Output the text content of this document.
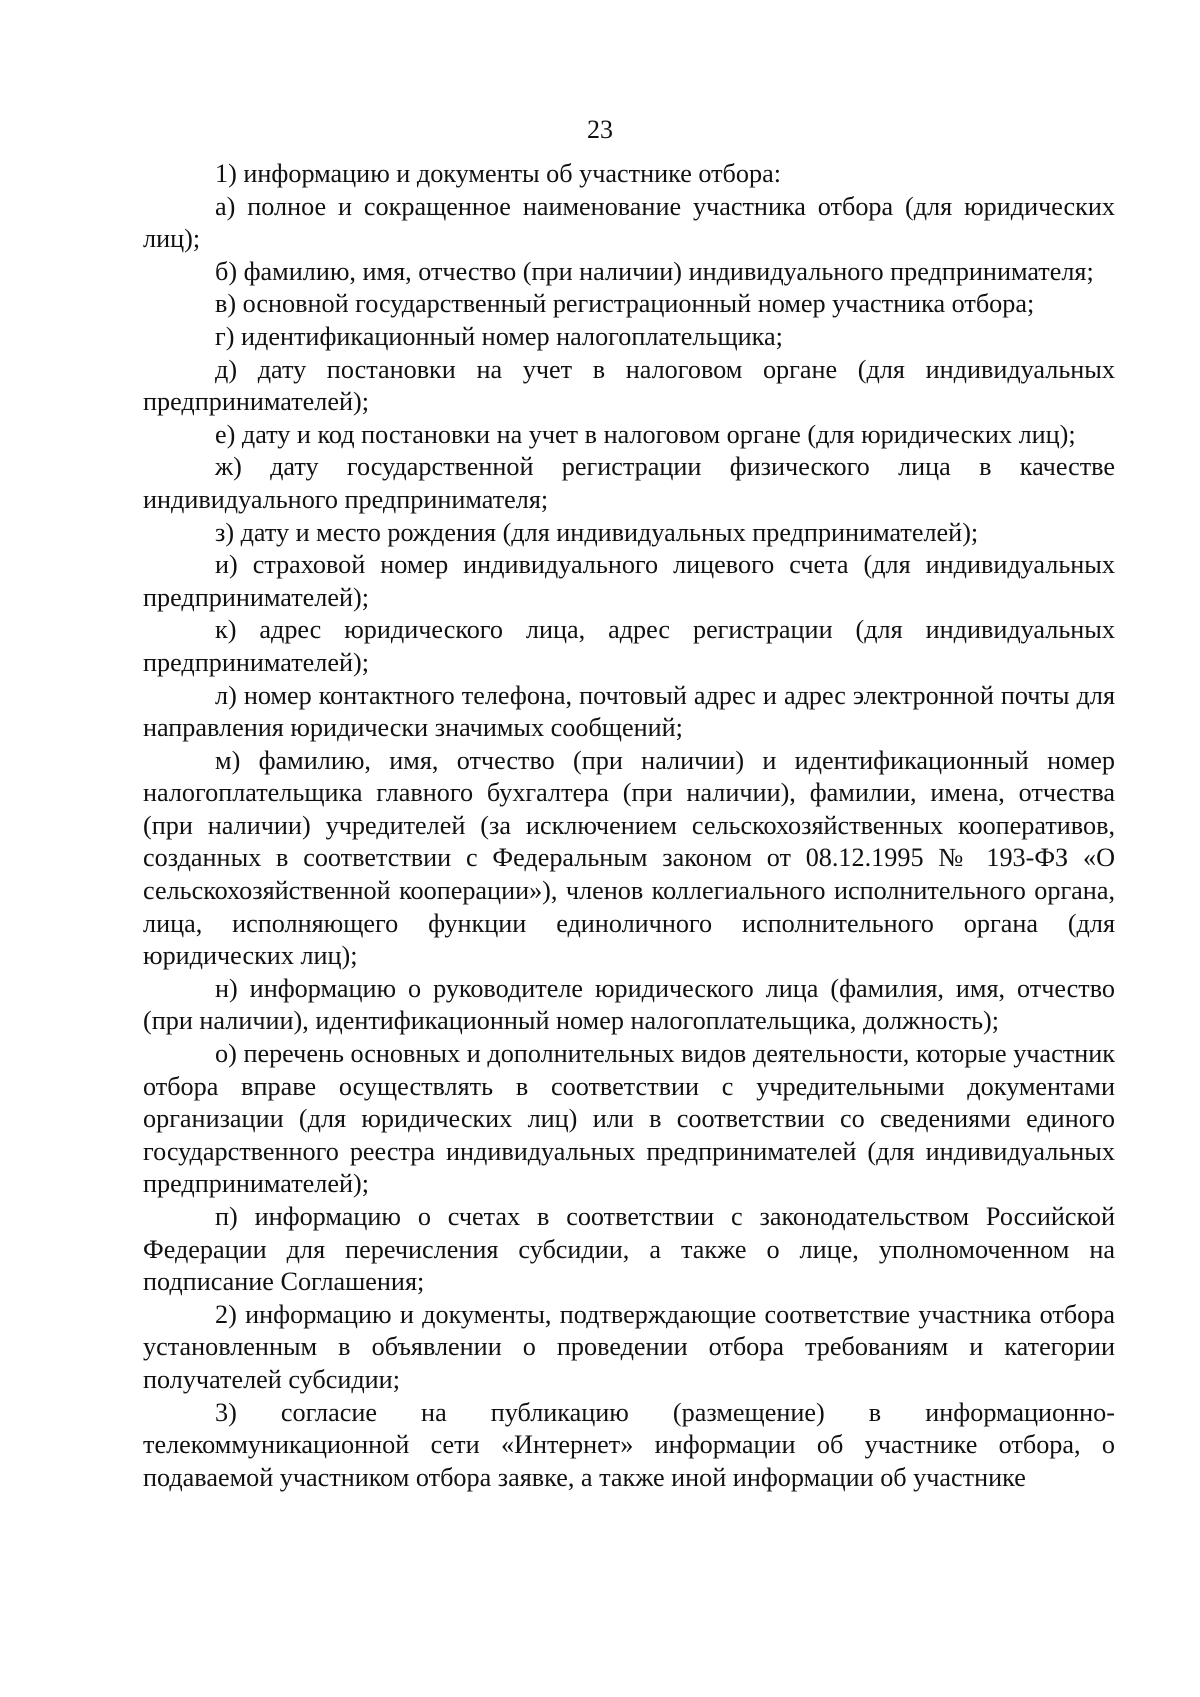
23

1) информацию и документы об участнике отбора:

а) полное и сокращенное наименование участника отбора (для юридических лиц);

б) фамилию, имя, отчество (при наличии) индивидуального предпринимателя;

в) основной государственный регистрационный номер участника отбора;

г) идентификационный номер налогоплательщика;

д) дату постановки на учет в налоговом органе (для индивидуальных предпринимателей);

е) дату и код постановки на учет в налоговом органе (для юридических лиц);

ж) дату государственной регистрации физического лица в качестве индивидуального предпринимателя;

з) дату и место рождения (для индивидуальных предпринимателей);

и) страховой номер индивидуального лицевого счета (для индивидуальных предпринимателей);

к) адрес юридического лица, адрес регистрации (для индивидуальных предпринимателей);

л) номер контактного телефона, почтовый адрес и адрес электронной почты для направления юридически значимых сообщений;

м) фамилию, имя, отчество (при наличии) и идентификационный номер налогоплательщика главного бухгалтера (при наличии), фамилии, имена, отчества (при наличии) учредителей (за исключением сельскохозяйственных кооперативов, созданных в соответствии с Федеральным законом от 08.12.1995 № 193-ФЗ «О сельскохозяйственной кооперации»), членов коллегиального исполнительного органа, лица, исполняющего функции единоличного исполнительного органа (для юридических лиц);

н) информацию о руководителе юридического лица (фамилия, имя, отчество (при наличии), идентификационный номер налогоплательщика, должность);

о) перечень основных и дополнительных видов деятельности, которые участник отбора вправе осуществлять в соответствии с учредительными документами организации (для юридических лиц) или в соответствии со сведениями единого государственного реестра индивидуальных предпринимателей (для индивидуальных предпринимателей);

п) информацию о счетах в соответствии с законодательством Российской Федерации для перечисления субсидии, а также о лице, уполномоченном на подписание Соглашения;

2) информацию и документы, подтверждающие соответствие участника отбора установленным в объявлении о проведении отбора требованиям и категории получателей субсидии;

3) согласие на публикацию (размещение) в информационно-телекоммуникационной сети «Интернет» информации об участнике отбора, о подаваемой участником отбора заявке, а также иной информации об участнике
